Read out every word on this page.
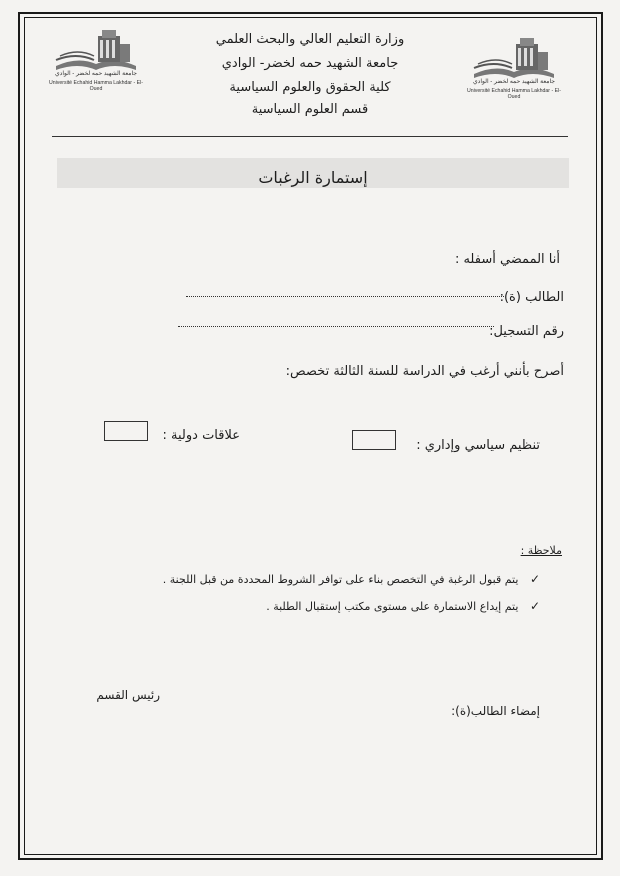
جامعة الشهيد حمه لخضر - الوادي
Université Echahid Hamma Lakhdar - El-Oued
جامعة الشهيد حمه لخضر - الوادي
Université Echahid Hamma Lakhdar - El-Oued
وزارة التعليم العالي والبحث العلمي
جامعة الشهيد حمه لخضر- الوادي
كلية الحقوق والعلوم السياسية
قسم العلوم السياسية
إستمارة الرغبات
أنا الممضي أسفله :
الطالب (ة):
رقم التسجيل:
أصرح بأنني أرغب في الدراسة للسنة الثالثة تخصص:
تنظيم سياسي وإداري :
علاقات دولية :
ملاحظة :
✓ يتم قبول الرغبة في التخصص بناء على توافر الشروط المحددة من قبل اللجنة .
✓ يتم إيداع الاستمارة على مستوى مكتب إستقبال الطلبة .
إمضاء الطالب(ة):
رئيس القسم
